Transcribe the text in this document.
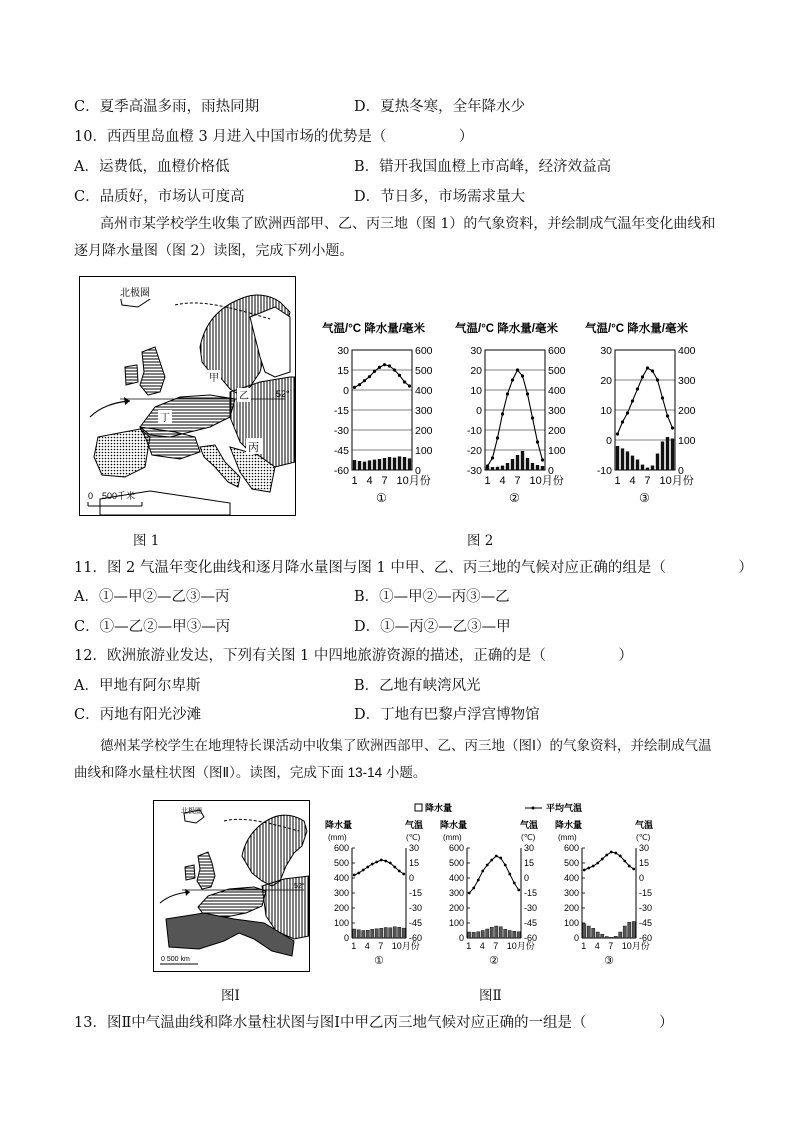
C．夏季高温多雨，雨热同期	D．夏热冬寒，全年降水少
10．西西里岛血橙 3 月进入中国市场的优势是（　　　　　）
A．运费低，血橙价格低	B．错开我国血橙上市高峰，经济效益高
C．品质好，市场认可度高	D．节日多，市场需求量大
高州市某学校学生收集了欧洲西部甲、乙、丙三地（图 1）的气象资料，并绘制成气温年变化曲线和逐月降水量图（图 2）读图，完成下列小题。
北极圈
甲
乙
丁
丙
52°
0　500千米
气温/°C 降水量/毫米
30
15
0
-15
-30
-45
-60
600
500
400
300
200
100
0
1 4 7 10月份
①
气温/°C 降水量/毫米
30
20
10
0
-10
-20
-30
600
500
400
300
200
100
0
1 4 7 10月份
②
气温/°C 降水量/毫米
30
20
10
0
-10
400
300
200
100
0
1 4 7 10月份
③
图 1	图 2
11．图 2 气温年变化曲线和逐月降水量图与图 1 中甲、乙、丙三地的气候对应正确的组是（　　　　　）
A．①—甲②—乙③—丙	B．①—甲②—丙③—乙
C．①—乙②—甲③—丙	D．①—丙②—乙③—甲
12．欧洲旅游业发达，下列有关图 1 中四地旅游资源的描述，正确的是（　　　　　）
A．甲地有阿尔卑斯	B．乙地有峡湾风光
C．丙地有阳光沙滩	D．丁地有巴黎卢浮宫博物馆
德州某学校学生在地理特长课活动中收集了欧洲西部甲、乙、丙三地（图Ⅰ）的气象资料，并绘制成气温曲线和降水量柱状图（图Ⅱ）。读图，完成下面 13-14 小题。
北极圈
52°
0 500 km
降水量	平均气温
降水量
(mm)
气温
(℃)
600	30
500	15
400	0
300	-15
200	-30
100	-45
0	-60
1 4 7 10月份
①
降水量
(mm)
气温
(℃)
600	30
500	15
400	0
300	-15
200	-30
100	-45
0	-60
1 4 7 10月份
②
降水量
(mm)
气温
(℃)
600	30
500	15
400	0
300	-15
200	-30
100	-45
0	-60
1 4 7 10月份
③
图Ⅰ	图Ⅱ
13．图Ⅱ中气温曲线和降水量柱状图与图Ⅰ中甲乙丙三地气候对应正确的一组是（　　　　　）
